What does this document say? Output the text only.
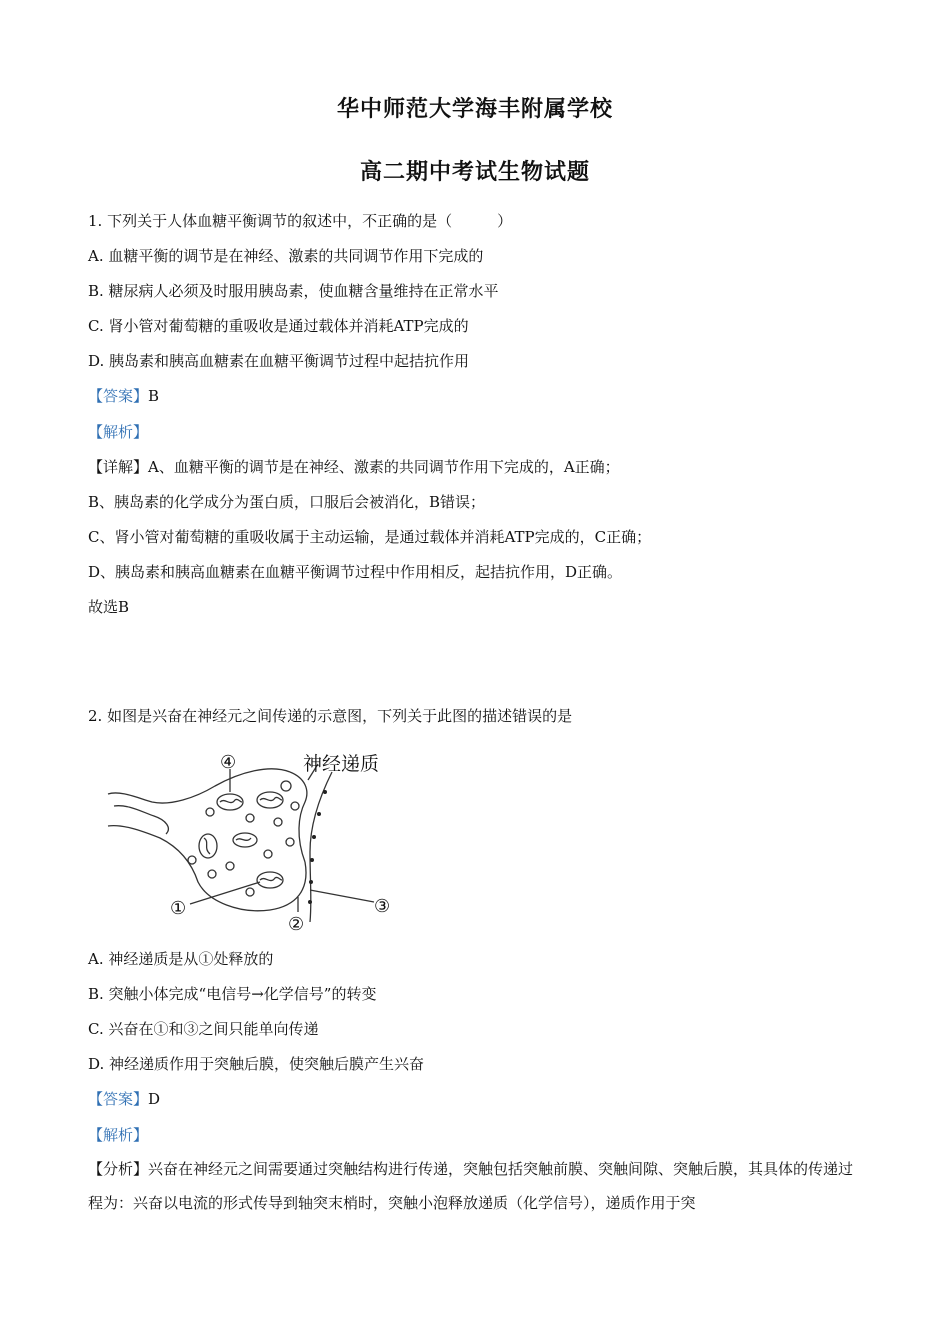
华中师范大学海丰附属学校
高二期中考试生物试题
1. 下列关于人体血糖平衡调节的叙述中，不正确的是（　　　）
A. 血糖平衡的调节是在神经、激素的共同调节作用下完成的
B. 糖尿病人必须及时服用胰岛素，使血糖含量维持在正常水平
C. 肾小管对葡萄糖的重吸收是通过载体并消耗ATP完成的
D. 胰岛素和胰高血糖素在血糖平衡调节过程中起拮抗作用
【答案】B
【解析】
【详解】A、血糖平衡的调节是在神经、激素的共同调节作用下完成的，A正确；
B、胰岛素的化学成分为蛋白质，口服后会被消化，B错误；
C、肾小管对葡萄糖的重吸收属于主动运输，是通过载体并消耗ATP完成的，C正确；
D、胰岛素和胰高血糖素在血糖平衡调节过程中作用相反，起拮抗作用，D正确。
故选B
2. 如图是兴奋在神经元之间传递的示意图，下列关于此图的描述错误的是
神经递质
④
①
②
③
A. 神经递质是从①处释放的
B. 突触小体完成“电信号→化学信号”的转变
C. 兴奋在①和③之间只能单向传递
D. 神经递质作用于突触后膜，使突触后膜产生兴奋
【答案】D
【解析】
【分析】兴奋在神经元之间需要通过突触结构进行传递，突触包括突触前膜、突触间隙、突触后膜，其具体的传递过程为：兴奋以电流的形式传导到轴突末梢时，突触小泡释放递质（化学信号），递质作用于突
